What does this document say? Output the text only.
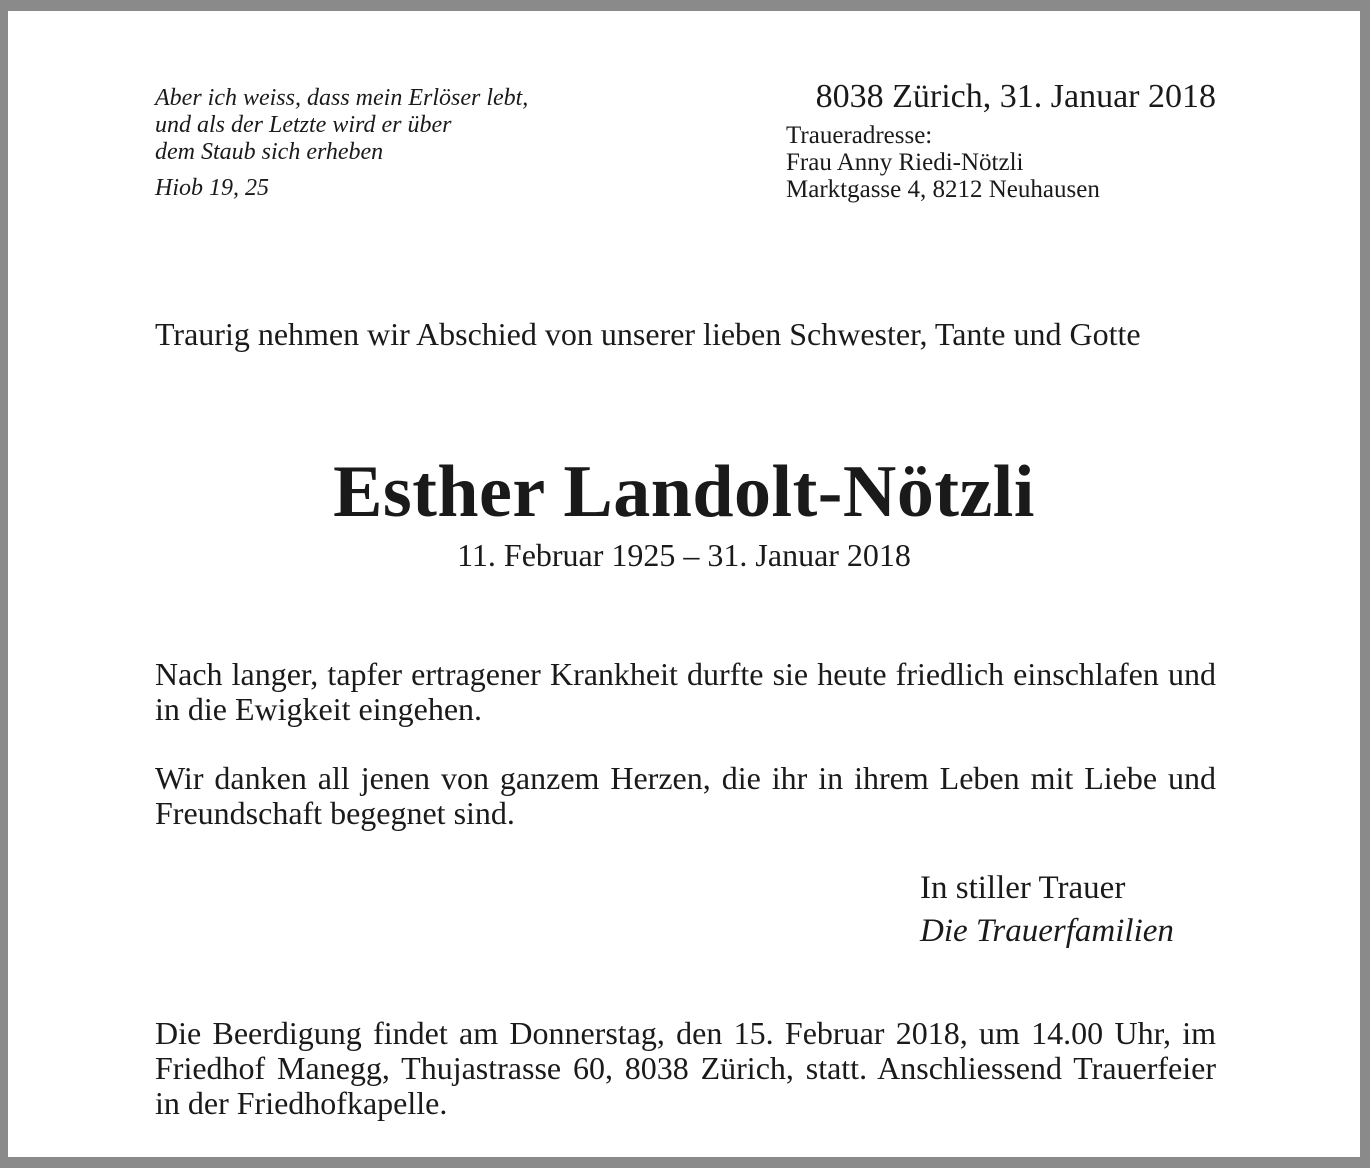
Aber ich weiss, dass mein Erlöser lebt,
und als der Letzte wird er über
dem Staub sich erheben
Hiob 19, 25
8038 Zürich, 31. Januar 2018
Traueradresse:
Frau Anny Riedi-Nötzli
Marktgasse 4, 8212 Neuhausen
Traurig nehmen wir Abschied von unserer lieben Schwester, Tante und Gotte
Esther Landolt-Nötzli
11. Februar 1925 – 31. Januar 2018
Nach langer, tapfer ertragener Krankheit durfte sie heute friedlich einschlafen und in die Ewigkeit eingehen.
Wir danken all jenen von ganzem Herzen, die ihr in ihrem Leben mit Liebe und Freundschaft begegnet sind.
In stiller Trauer
Die Trauerfamilien
Die Beerdigung findet am Donnerstag, den 15. Februar 2018, um 14.00 Uhr, im Friedhof Manegg, Thujastrasse 60, 8038 Zürich, statt. Anschliessend Trauerfeier in der Friedhofkapelle.
